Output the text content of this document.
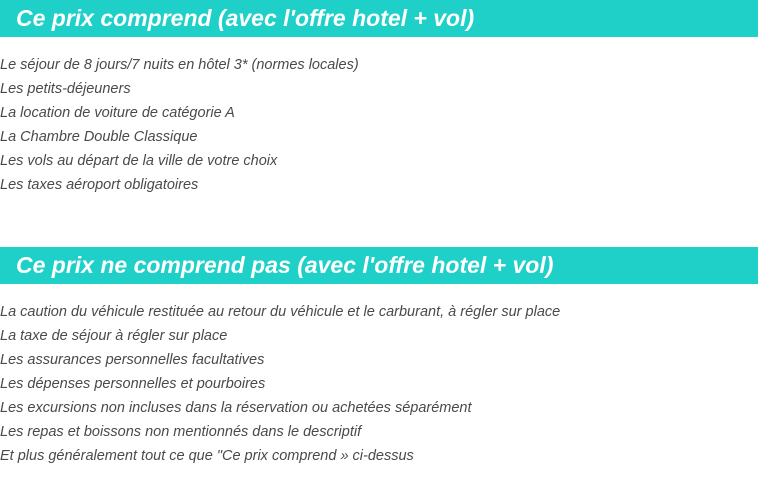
Ce prix comprend (avec l'offre hotel + vol)
Le séjour de 8 jours/7 nuits en hôtel 3* (normes locales)
Les petits-déjeuners
La location de voiture de catégorie A
La Chambre Double Classique
Les vols au départ de la ville de votre choix
Les taxes aéroport obligatoires
Ce prix ne comprend pas (avec l'offre hotel + vol)
La caution du véhicule restituée au retour du véhicule et le carburant, à régler sur place
La taxe de séjour à régler sur place
Les assurances personnelles facultatives
Les dépenses personnelles et pourboires
Les excursions non incluses dans la réservation ou achetées séparément
Les repas et boissons non mentionnés dans le descriptif
Et plus généralement tout ce que "Ce prix comprend » ci-dessus
